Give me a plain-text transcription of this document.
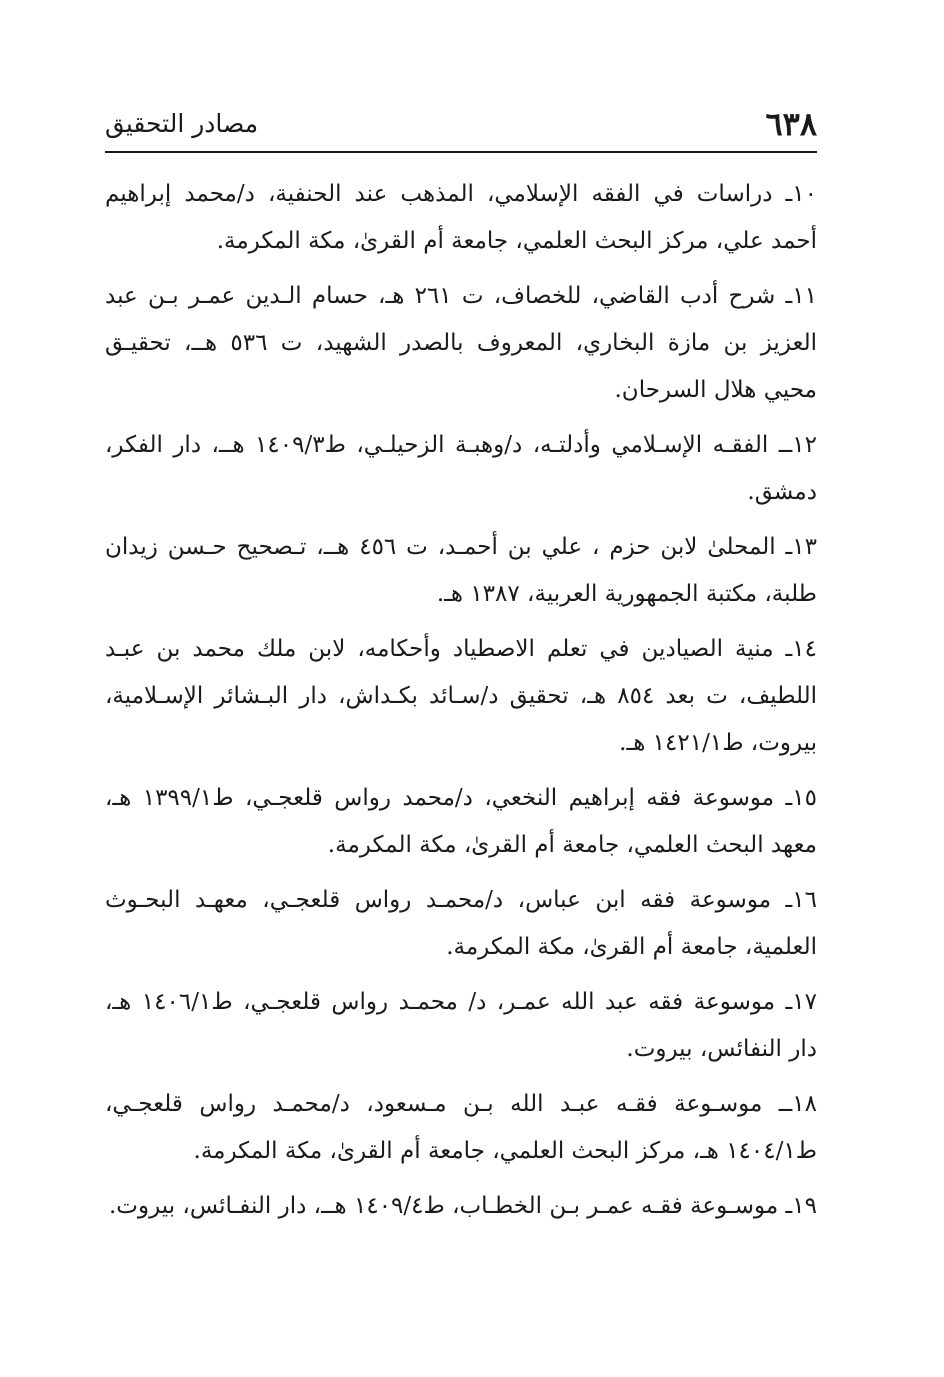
٦٣٨
مصادر التحقيق

١٠ـ دراسات في الفقه الإسلامي، المذهب عند الحنفية، د/محمد إبراهيم أحمد علي، مركز البحث العلمي، جامعة أم القرىٰ، مكة المكرمة.

١١ـ شرح أدب القاضي، للخصاف، ت ٢٦١ هـ، حسام الـدين عمـر بـن عبد العزيز بن مازة البخاري، المعروف بالصدر الشهيد، ت ٥٣٦ هــ، تحقيـق محيي هلال السرحان.

١٢ــ الفقـه الإسـلامي وأدلتـه، د/وهبـة الزحيلـي، ط١٤٠٩/٣ هــ، دار الفكر، دمشق.

١٣ـ المحلىٰ لابن حزم ، علي بن أحمـد، ت ٤٥٦ هــ، تـصحيح حـسن زيدان طلبة، مكتبة الجمهورية العربية، ١٣٨٧ هـ.

١٤ـ منية الصيادين في تعلم الاصطياد وأحكامه، لابن ملك محمد بن عبـد اللطيف، ت بعد ٨٥٤ هـ، تحقيق د/سـائد بكـداش، دار البـشائر الإسـلامية، بيروت، ط١٤٢١/١ هـ.

١٥ـ موسوعة فقه إبراهيم النخعي، د/محمد رواس قلعجـي، ط١٣٩٩/١ هـ، معهد البحث العلمي، جامعة أم القرىٰ، مكة المكرمة.

١٦ـ موسوعة فقه ابن عباس، د/محمـد رواس قلعجـي، معهـد البحـوث العلمية، جامعة أم القرىٰ، مكة المكرمة.

١٧ـ موسوعة فقه عبد الله عمـر، د/ محمـد رواس قلعجـي، ط١٤٠٦/١ هـ، دار النفائس، بيروت.

١٨ــ موسـوعة فقـه عبـد الله بـن مـسعود، د/محمـد رواس قلعجـي، ط١٤٠٤/١ هـ، مركز البحث العلمي، جامعة أم القرىٰ، مكة المكرمة.

١٩ـ موسـوعة فقـه عمـر بـن الخطـاب، ط١٤٠٩/٤ هــ، دار النفـائس، بيروت.
